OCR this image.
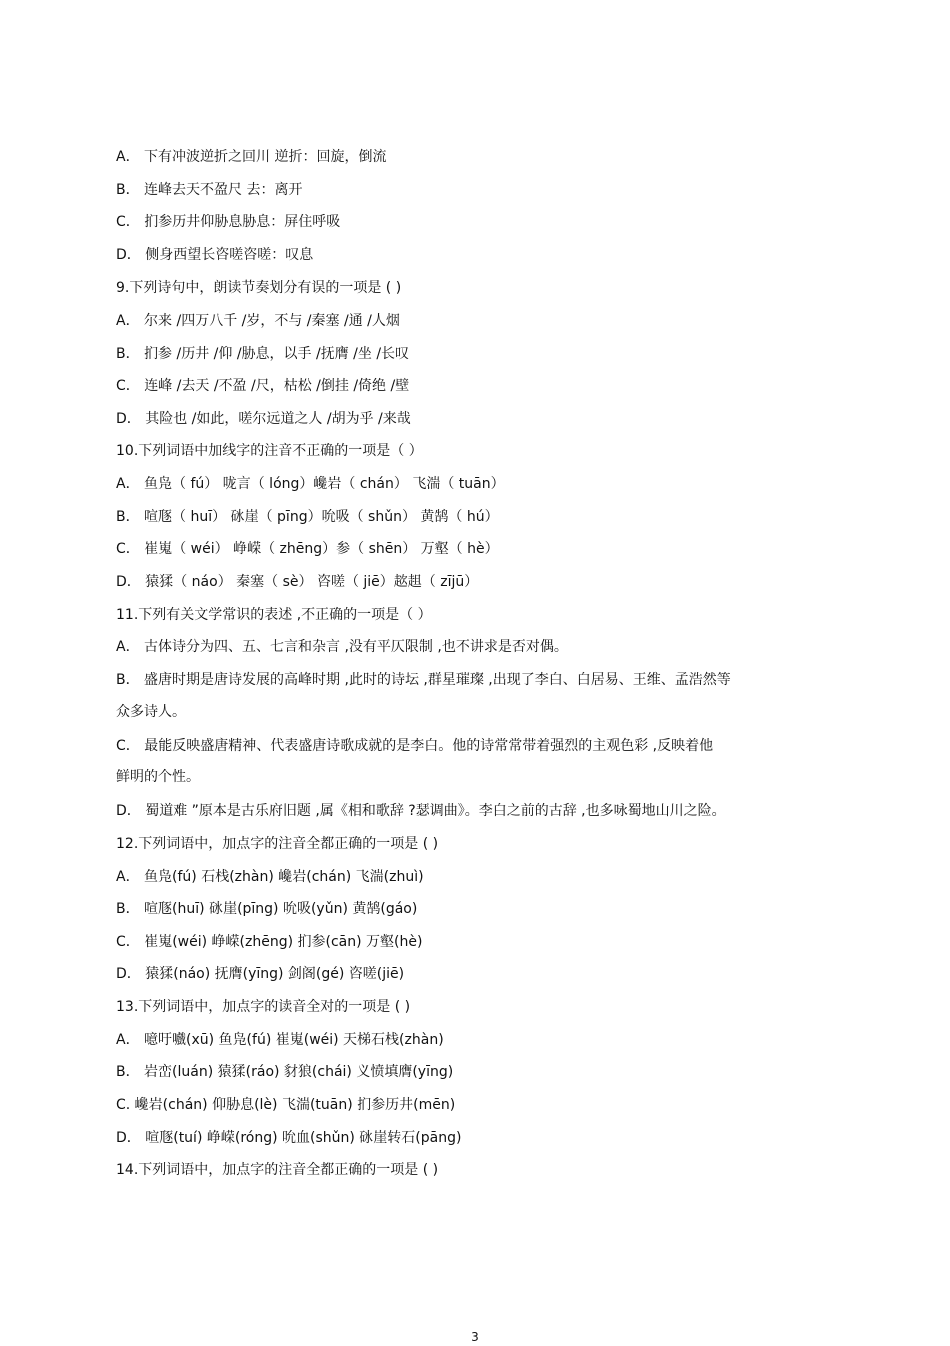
A． 下有冲波逆折之回川 逆折：回旋，倒流
B． 连峰去天不盈尺 去：离开
C． 扪参历井仰胁息胁息：屏住呼吸
D． 侧身西望长咨嗟咨嗟：叹息
9.下列诗句中，朗读节奏划分有误的一项是 ( )
A． 尔来 /四万八千 /岁，不与 /秦塞 /通 /人烟
B． 扪参 /历井 /仰 /胁息，以手 /抚膺 /坐 /长叹
C． 连峰 /去天 /不盈 /尺，枯松 /倒挂 /倚绝 /壁
D． 其险也 /如此，嗟尔远道之人 /胡为乎 /来哉
10.下列词语中加线字的注音不正确的一项是（ ）
A． 鱼凫（ fú） 咙言（ lóng）巉岩（ chán） 飞湍（ tuān）
B． 喧豗（ huī） 砯崖（ pīng）吮吸（ shǔn） 黄鹄（ hú）
C． 崔嵬（ wéi） 峥嵘（ zhēng）参（ shēn） 万壑（ hè）
D． 猿猱（ náo） 秦塞（ sè） 咨嗟（ jiē）趑趄（ zījū）
11.下列有关文学常识的表述 ,不正确的一项是（ ）
A． 古体诗分为四、五、七言和杂言 ,没有平仄限制 ,也不讲求是否对偶。
B． 盛唐时期是唐诗发展的高峰时期 ,此时的诗坛 ,群星璀璨 ,出现了李白、白居易、王维、孟浩然等
众多诗人。
C． 最能反映盛唐精神、代表盛唐诗歌成就的是李白。他的诗常常带着强烈的主观色彩 ,反映着他
鲜明的个性。
D． 蜀道难 ”原本是古乐府旧题 ,属《相和歌辞 ?瑟调曲》。李白之前的古辞 ,也多咏蜀地山川之险。
12.下列词语中，加点字的注音全都正确的一项是 ( )
A． 鱼凫(fú) 石栈(zhàn) 巉岩(chán) 飞湍(zhuì)
B． 喧豗(huī) 砯崖(pīng) 吮吸(yǔn) 黄鹄(gáo)
C． 崔嵬(wéi) 峥嵘(zhēng) 扪参(cān) 万壑(hè)
D． 猿猱(náo) 抚膺(yīng) 剑阁(gé) 咨嗟(jiē)
13.下列词语中，加点字的读音全对的一项是 ( )
A． 噫吁嚱(xū) 鱼凫(fú) 崔嵬(wéi) 天梯石栈(zhàn)
B． 岩峦(luán) 猿猱(ráo) 豺狼(chái) 义愤填膺(yīng)
C. 巉岩(chán) 仰胁息(lè) 飞湍(tuān) 扪参历井(mēn)
D． 喧豗(tuí) 峥嵘(róng) 吮血(shǔn) 砯崖转石(pāng)
14.下列词语中，加点字的注音全都正确的一项是 ( )
3
